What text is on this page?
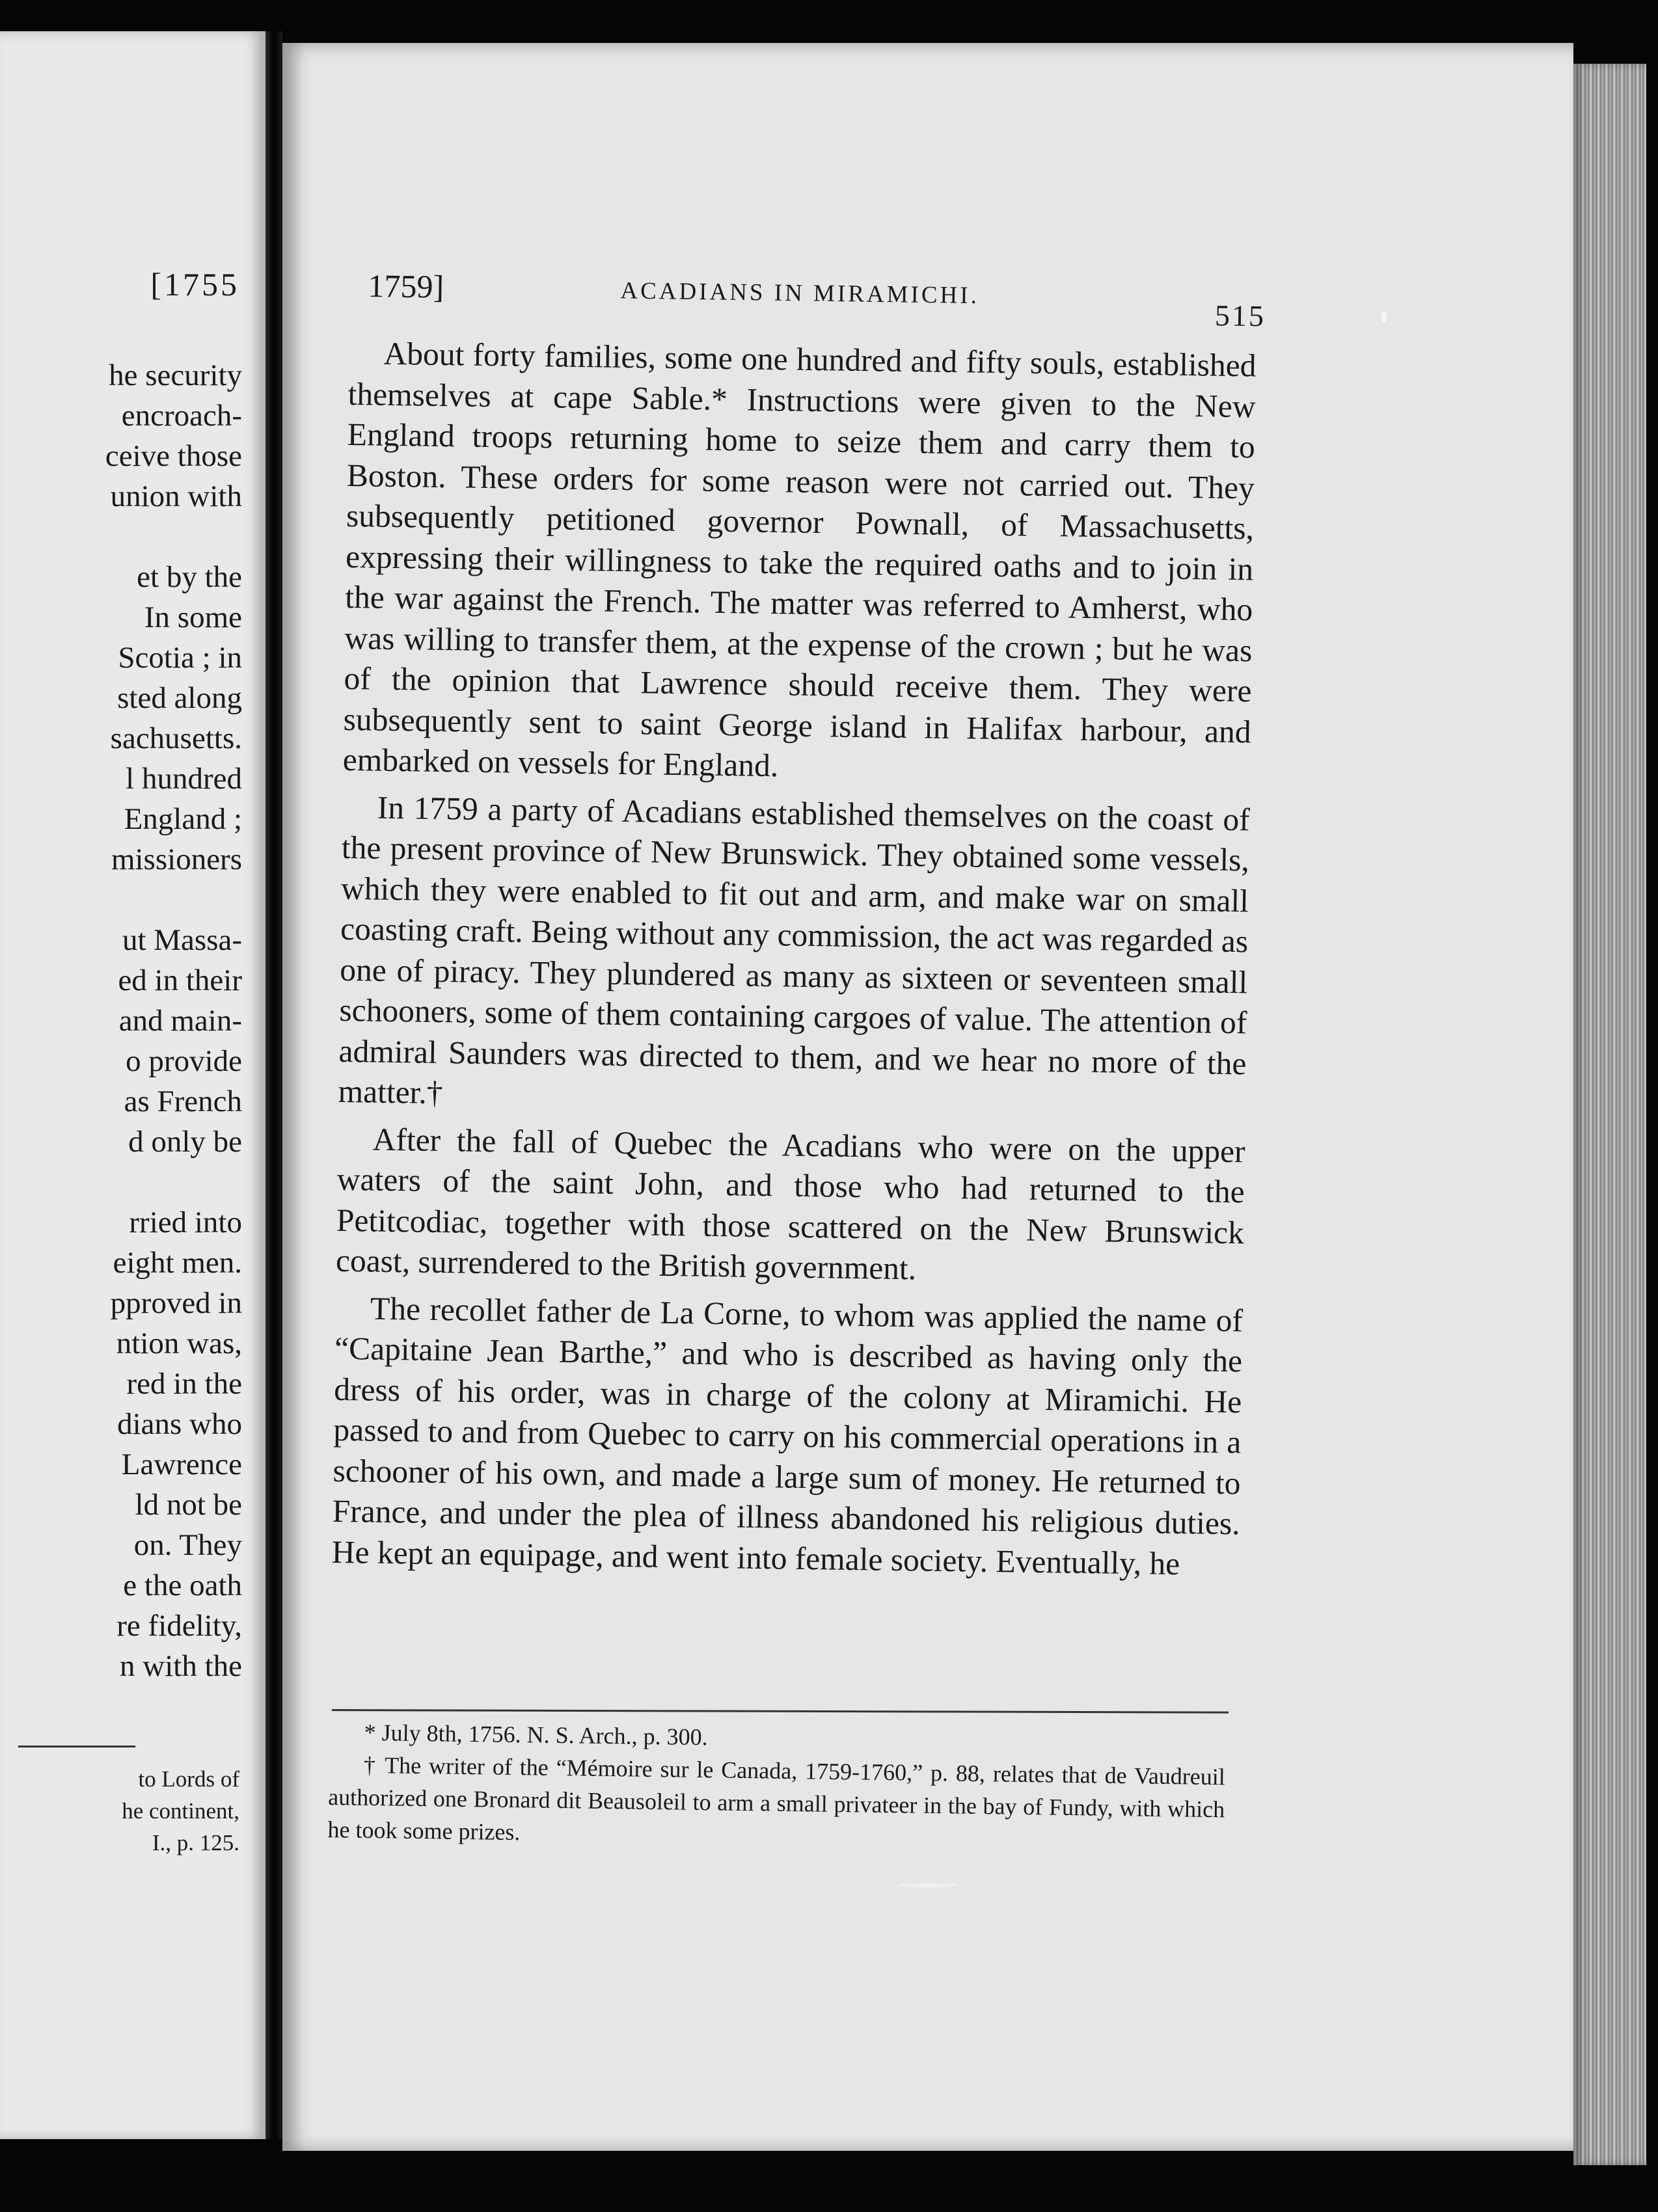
[1755
he security
encroach-
ceive those
union with

et by the
In some
Scotia ; in
sted along
sachusetts.
l hundred
England ;
missioners

ut Massa-
ed in their
and main-
o provide
as French
d only be

rried into
eight men.
pproved in
ntion was,
red in the
dians who
Lawrence
ld not be
on. They
e the oath
re fidelity,
n with the
to Lords of
he continent,
I., p. 125.
1759]	ACADIANS IN MIRAMICHI.
515

About forty families, some one hundred and fifty souls, established themselves at cape Sable.* Instructions were given to the New England troops returning home to seize them and carry them to Boston. These orders for some reason were not carried out. They subsequently petitioned governor Pownall, of Massachusetts, expressing their willingness to take the required oaths and to join in the war against the French. The matter was referred to Amherst, who was willing to transfer them, at the expense of the crown ; but he was of the opinion that Lawrence should receive them. They were subsequently sent to saint George island in Halifax harbour, and embarked on vessels for England.

In 1759 a party of Acadians established themselves on the coast of the present province of New Brunswick. They obtained some vessels, which they were enabled to fit out and arm, and make war on small coasting craft. Being without any commission, the act was regarded as one of piracy. They plundered as many as sixteen or seventeen small schooners, some of them containing cargoes of value. The attention of admiral Saunders was directed to them, and we hear no more of the matter.†

After the fall of Quebec the Acadians who were on the upper waters of the saint John, and those who had returned to the Petitcodiac, together with those scattered on the New Brunswick coast, surrendered to the British government.

The recollet father de La Corne, to whom was applied the name of “Capitaine Jean Barthe,” and who is described as having only the dress of his order, was in charge of the colony at Miramichi. He passed to and from Quebec to carry on his commercial operations in a schooner of his own, and made a large sum of money. He returned to France, and under the plea of illness abandoned his religious duties. He kept an equipage, and went into female society. Eventually, he

* July 8th, 1756. N. S. Arch., p. 300.

† The writer of the “Mémoire sur le Canada, 1759-1760,” p. 88, relates that de Vaudreuil authorized one Bronard dit Beausoleil to arm a small privateer in the bay of Fundy, with which he took some prizes.
